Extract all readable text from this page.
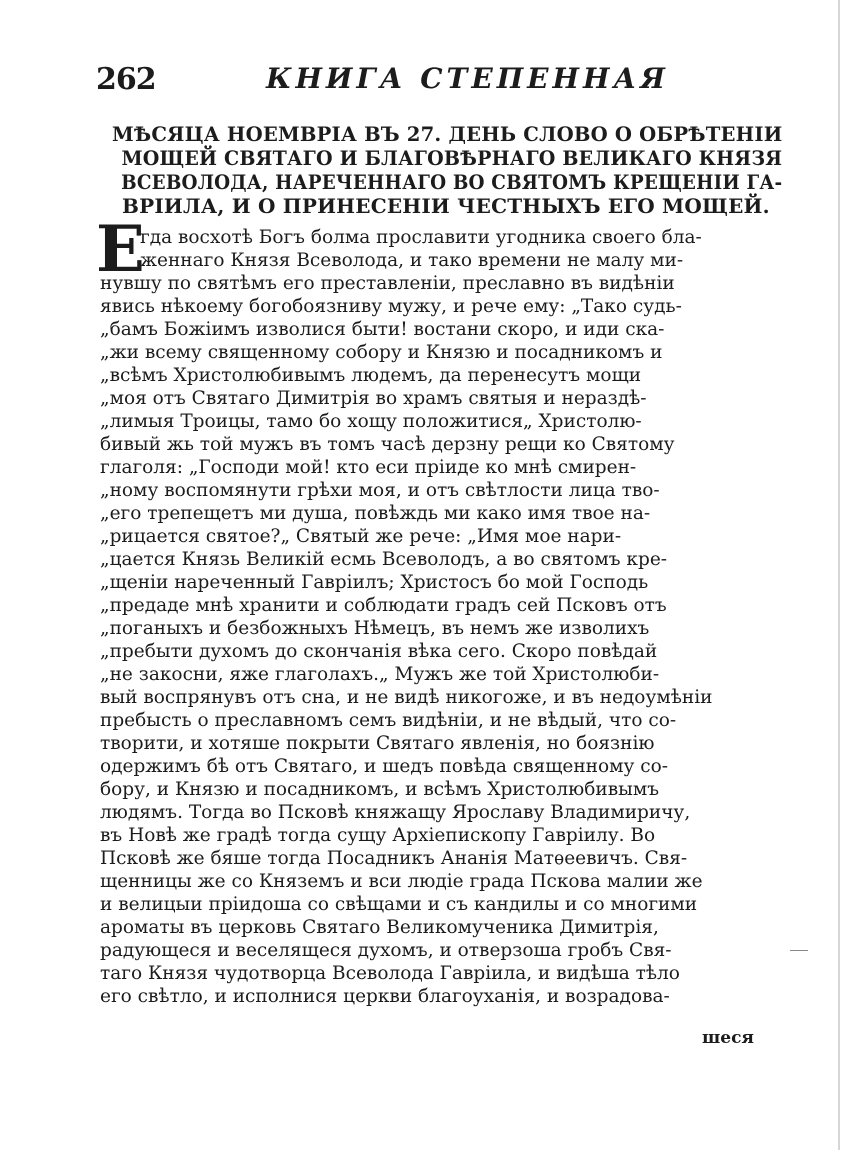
262	КНИГА СТЕПЕННАЯ
МѢСЯЦА НОЕМВРІА ВЪ 27. ДЕНЬ СЛОВО О ОБРѢТЕНІИ
МОЩЕЙ СВЯТАГО И БЛАГОВѢРНАГО ВЕЛИКАГО КНЯЗЯ
ВСЕВОЛОДА, НАРЕЧЕННАГО ВО СВЯТОМЪ КРЕЩЕНІИ ГА-
ВРІИЛА, И О ПРИНЕСЕНІИ ЧЕСТНЫХЪ ЕГО МОЩЕЙ.
Е
гда восхотѣ Богъ болма прославити угодника своего бла-
женнаго Князя Всеволода, и тако времени не малу ми-
нувшу по святѣмъ его преставленіи, преславно въ видѣніи
явись нѣкоему богобоязниву мужу, и рече ему: „Тако судь-
„бамъ Божіимъ изволися быти! востани скоро, и иди ска-
„жи всему священному собору и Князю и посадникомъ и
„всѣмъ Христолюбивымъ людемъ, да перенесутъ мощи
„моя отъ Святаго Димитрія во храмъ святыя и нераздѣ-
„лимыя Троицы, тамо бо хощу положитися„ Христолю-
бивый жь той мужъ въ томъ часѣ дерзну рещи ко Святому
глаголя: „Господи мой! кто еси пріиде ко мнѣ смирен-
„ному воспомянути грѣхи моя, и отъ свѣтлости лица тво-
„его трепещетъ ми душа, повѣждь ми како имя твое на-
„рицается святое?„ Святый же рече: „Имя мое нари-
„цается Князь Великій есмь Всеволодъ, а во святомъ кре-
„щеніи нареченный Гавріилъ; Христосъ бо мой Господь
„предаде мнѣ хранити и соблюдати градъ сей Псковъ отъ
„поганыхъ и безбожныхъ Нѣмецъ, въ немъ же изволихъ
„пребыти духомъ до скончанія вѣка сего. Скоро повѣдай
„не закосни, яже глаголахъ.„ Мужъ же той Христолюби-
вый воспрянувъ отъ сна, и не видѣ никогоже, и въ недоумѣніи
пребысть о преславномъ семъ видѣніи, и не вѣдый, что со-
творити, и хотяше покрыти Святаго явленія, но боязнію
одержимъ бѣ отъ Святаго, и шедъ повѣда священному со-
бору, и Князю и посадникомъ, и всѣмъ Христолюбивымъ
людямъ. Тогда во Псковѣ княжащу Ярославу Владимиричу,
въ Новѣ же градѣ тогда сущу Архіепископу Гавріилу. Во
Псковѣ же бяше тогда Посадникъ Ананія Матѳеевичъ. Свя-
щенницы же со Княземъ и вси людіе града Пскова малии же
и велицыи пріидоша со свѣщами и съ кандилы и со многими
ароматы въ церковь Святаго Великомученика Димитрія,
радующеся и веселящеся духомъ, и отверзоша гробъ Свя-
таго Князя чудотворца Всеволода Гавріила, и видѣша тѣло
его свѣтло, и исполнися церкви благоуханія, и возрадова-
шеся
